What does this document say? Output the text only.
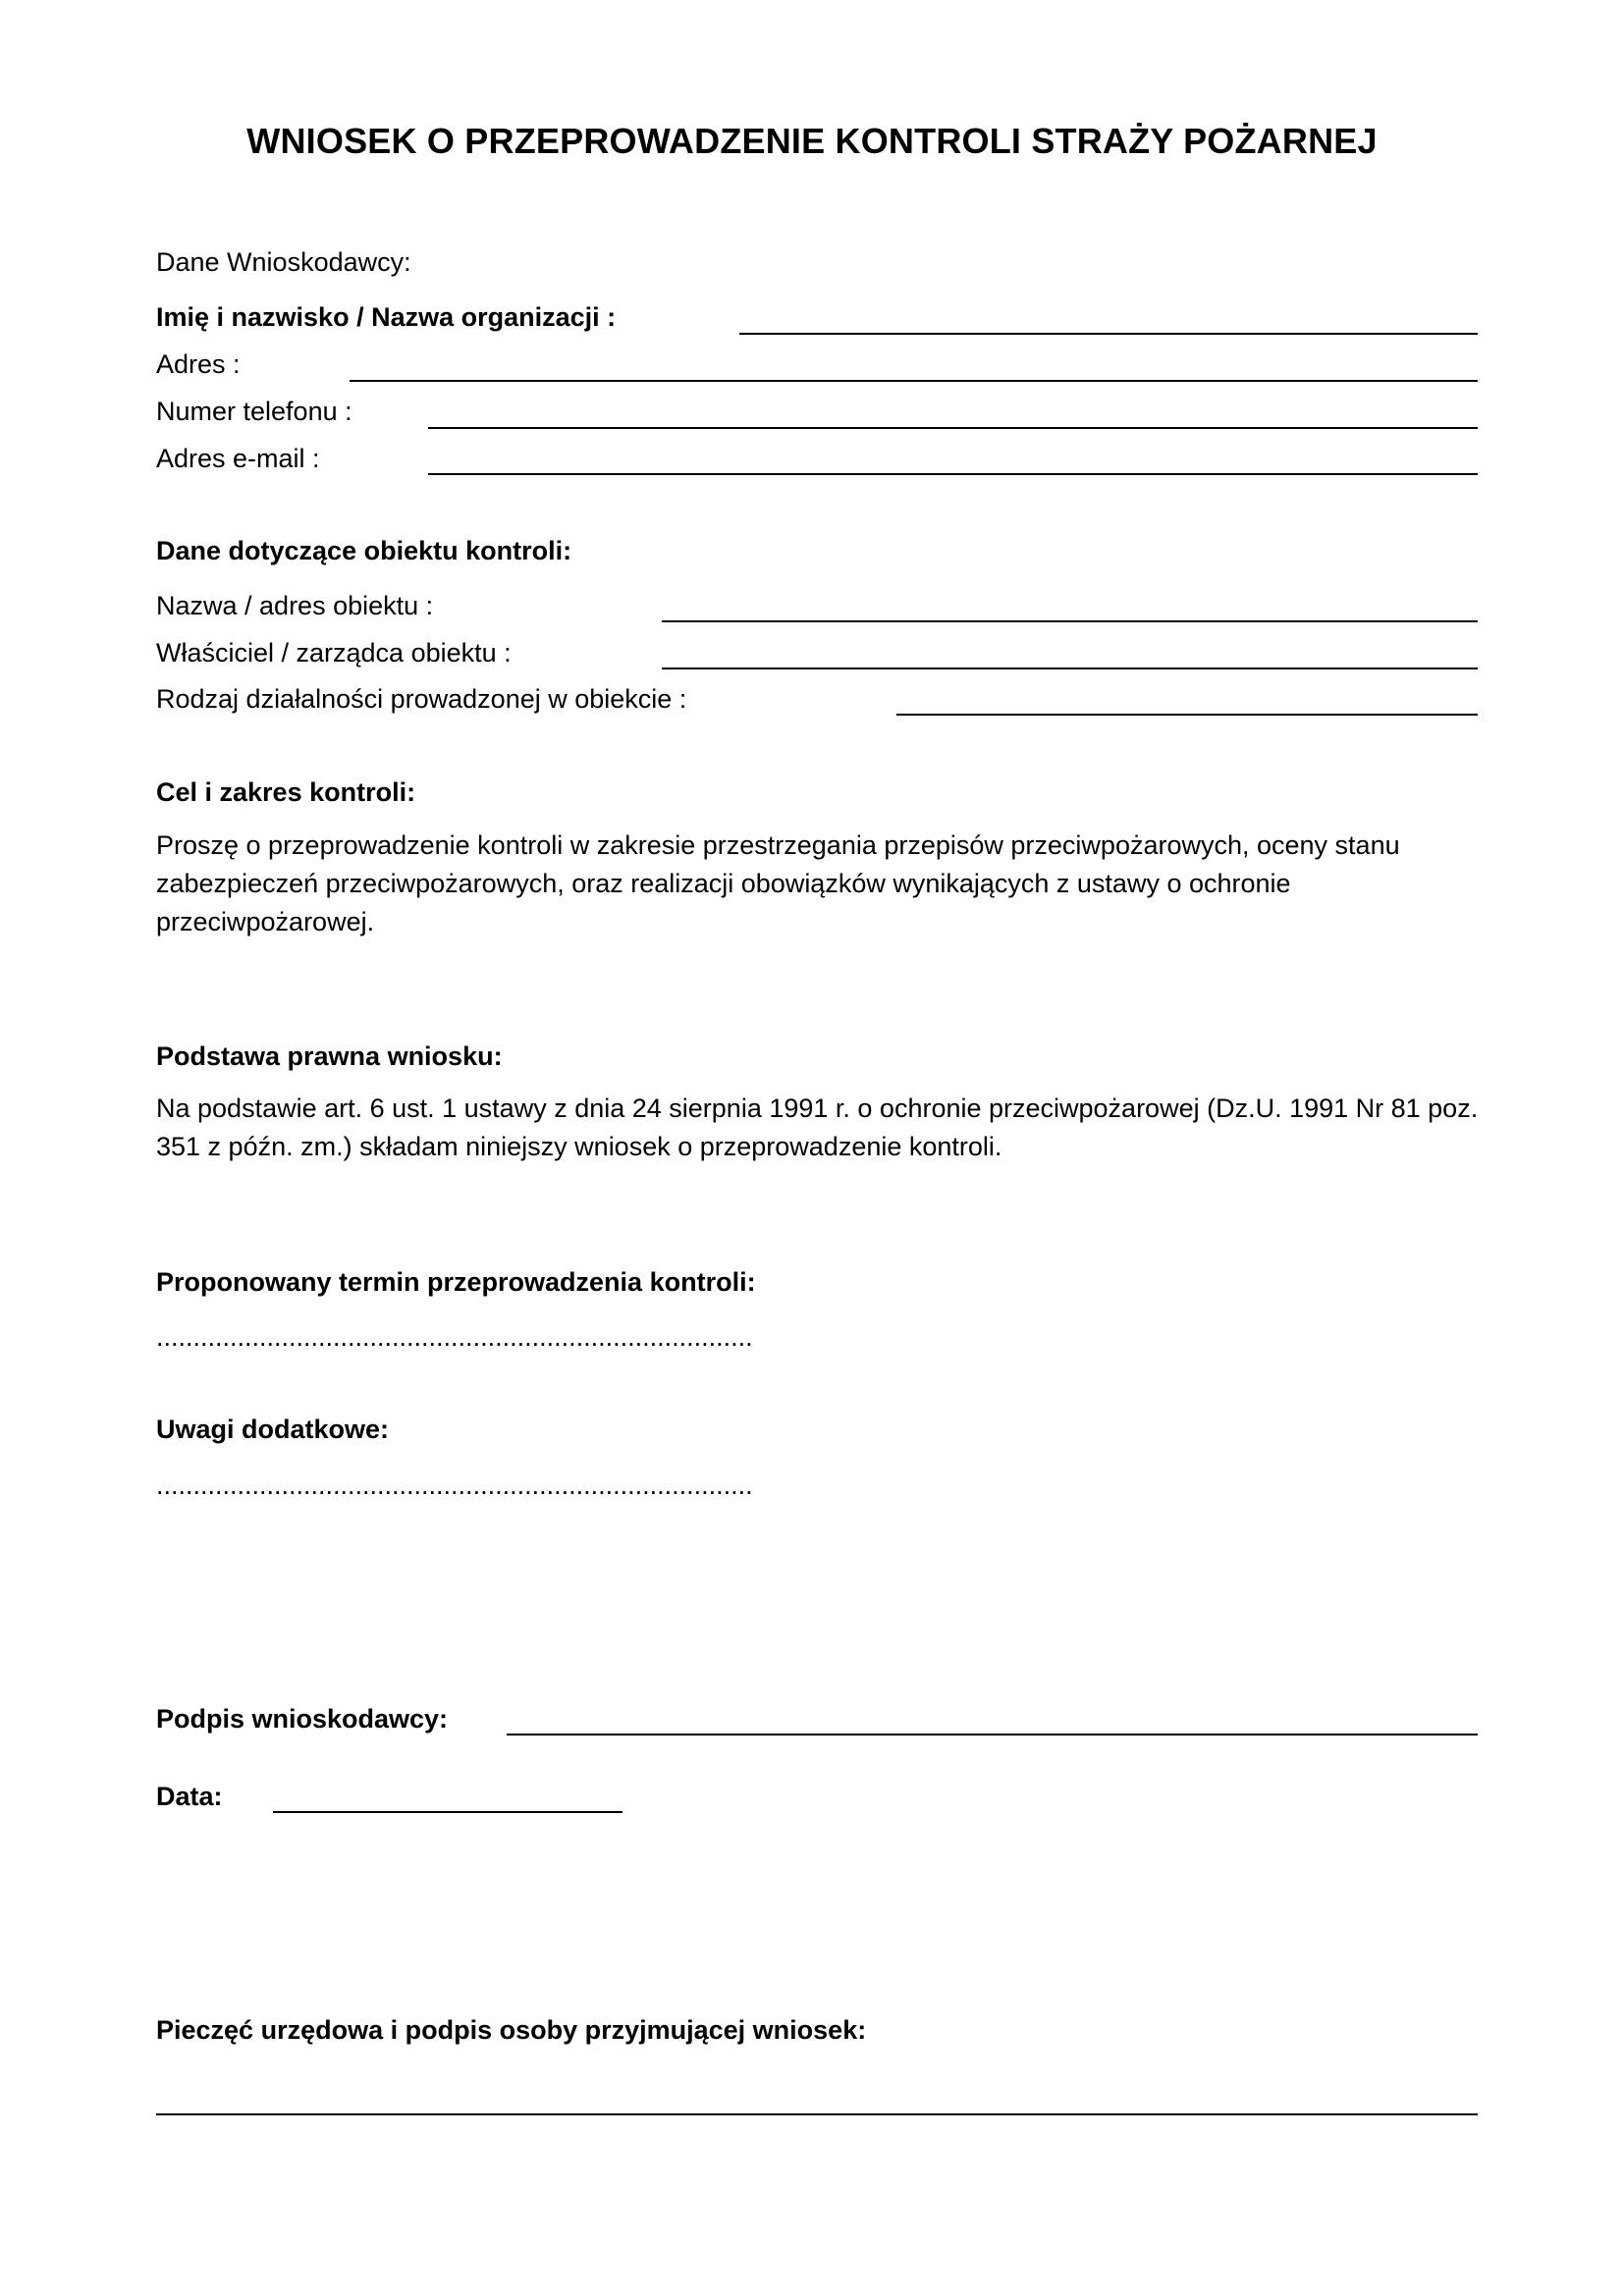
WNIOSEK O PRZEPROWADZENIE KONTROLI STRAŻY POŻARNEJ
Dane Wnioskodawcy:
Imię i nazwisko / Nazwa organizacji :
Adres :
Numer telefonu :
Adres e-mail :
Dane dotyczące obiektu kontroli:
Nazwa / adres obiektu :
Właściciel / zarządca obiektu :
Rodzaj działalności prowadzonej w obiekcie :
Cel i zakres kontroli:
Proszę o przeprowadzenie kontroli w zakresie przestrzegania przepisów przeciwpożarowych, oceny stanu zabezpieczeń przeciwpożarowych, oraz realizacji obowiązków wynikających z ustawy o ochronie przeciwpożarowej.
Podstawa prawna wniosku:
Na podstawie art. 6 ust. 1 ustawy z dnia 24 sierpnia 1991 r. o ochronie przeciwpożarowej (Dz.U. 1991 Nr 81 poz. 351 z późn. zm.) składam niniejszy wniosek o przeprowadzenie kontroli.
Proponowany termin przeprowadzenia kontroli:
.................................................................................
Uwagi dodatkowe:
.................................................................................
Podpis wnioskodawcy:
Data:
Pieczęć urzędowa i podpis osoby przyjmującej wniosek:
